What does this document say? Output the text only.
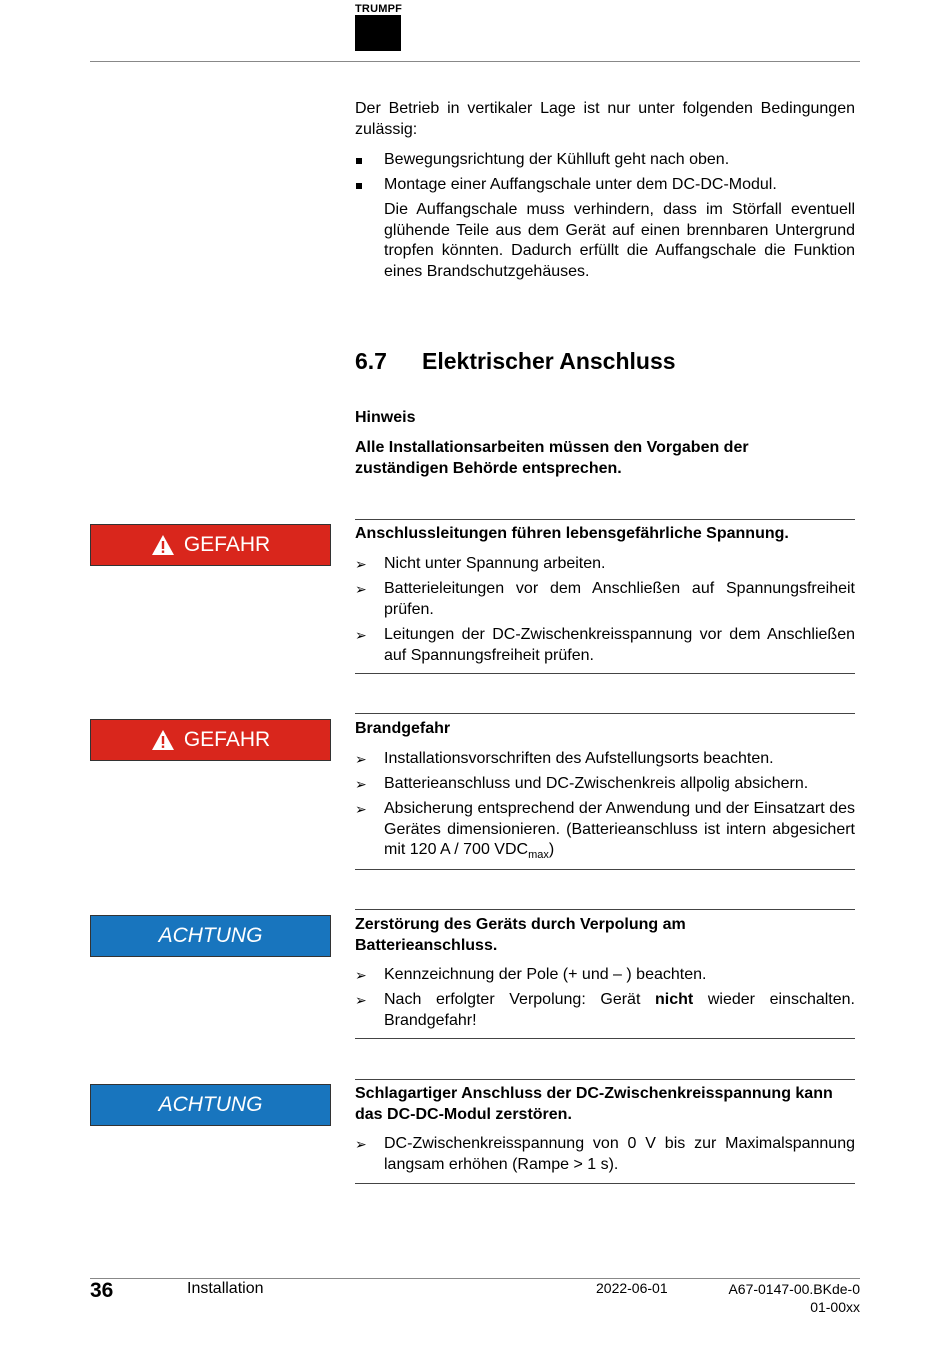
TRUMPF
Der Betrieb in vertikaler Lage ist nur unter folgenden Bedingungen zulässig:
Bewegungsrichtung der Kühlluft geht nach oben.
Montage einer Auffangschale unter dem DC-DC-Modul.
Die Auffangschale muss verhindern, dass im Störfall eventuell glühende Teile aus dem Gerät auf einen brennbaren Untergrund tropfen könnten. Dadurch erfüllt die Auffangschale die Funktion eines Brandschutzgehäuses.
6.7 Elektrischer Anschluss
Hinweis
Alle Installationsarbeiten müssen den Vorgaben der zuständigen Behörde entsprechen.
GEFAHR	Anschlussleitungen führen lebensgefährliche Spannung.
➢	Nicht unter Spannung arbeiten.
➢	Batterieleitungen vor dem Anschließen auf Spannungsfreiheit prüfen.
➢	Leitungen der DC-Zwischenkreisspannung vor dem Anschließen auf Spannungsfreiheit prüfen.
GEFAHR	Brandgefahr
➢	Installationsvorschriften des Aufstellungsorts beachten.
➢	Batterieanschluss und DC-Zwischenkreis allpolig absichern.
➢	Absicherung entsprechend der Anwendung und der Einsatzart des Gerätes dimensionieren. (Batterieanschluss ist intern abgesichert mit 120 A / 700 $VDC_{max}$)
ACHTUNG	Zerstörung des Geräts durch Verpolung am Batterieanschluss.
➢	Kennzeichnung der Pole (+ und – ) beachten.
➢	Nach erfolgter Verpolung: Gerät nicht wieder einschalten. Brandgefahr!
ACHTUNG	Schlagartiger Anschluss der DC-Zwischenkreisspannung kann das DC-DC-Modul zerstören.
➢	DC-Zwischenkreisspannung von 0 V bis zur Maximalspannung langsam erhöhen (Rampe > 1 s).
36	Installation	2022-06-01	A67-0147-00.BKde-0
01-00xx
